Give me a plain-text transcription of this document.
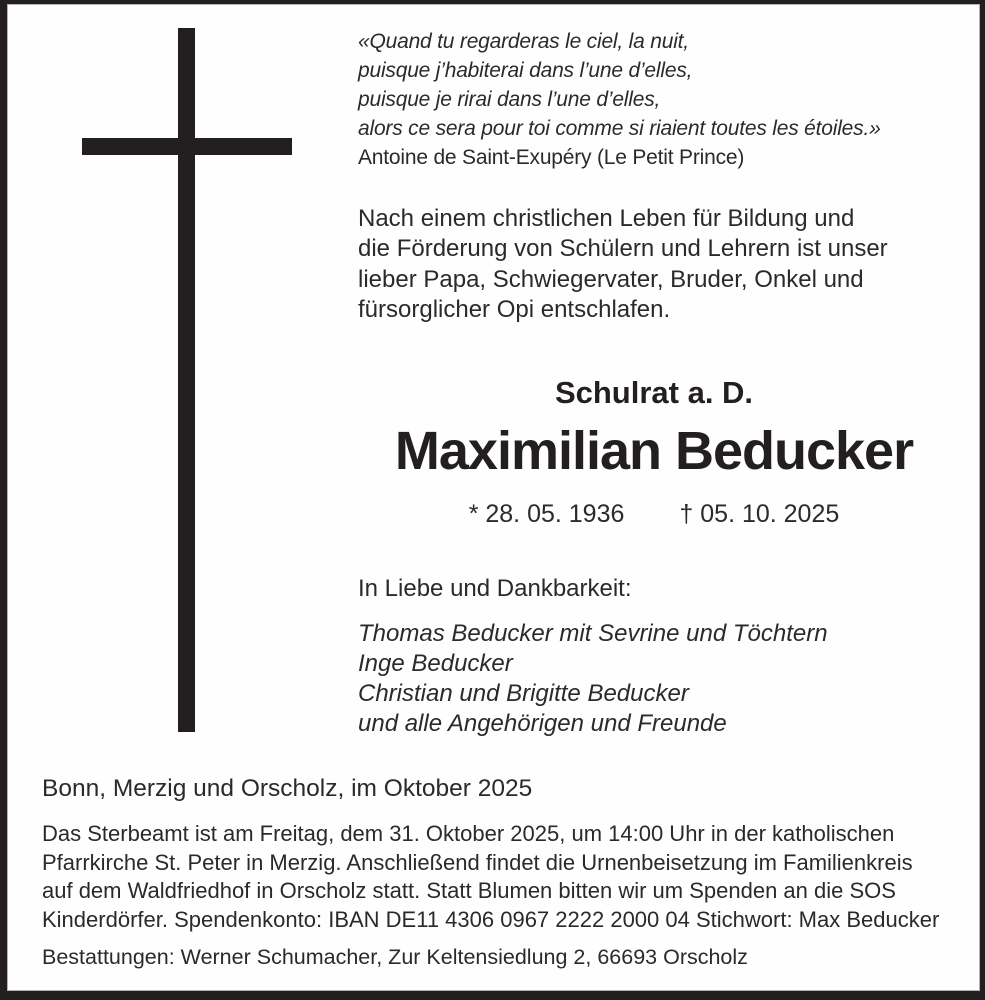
«Quand tu regarderas le ciel, la nuit,
puisque j’habiterai dans l’une d’elles,
puisque je rirai dans l’une d’elles,
alors ce sera pour toi comme si riaient toutes les étoiles.»
Antoine de Saint-Exupéry (Le Petit Prince)
Nach einem christlichen Leben für Bildung und
die Förderung von Schülern und Lehrern ist unser
lieber Papa, Schwiegervater, Bruder, Onkel und
fürsorglicher Opi entschlafen.
Schulrat a. D.
Maximilian Beducker
* 28. 05. 1936 † 05. 10. 2025
In Liebe und Dankbarkeit:
Thomas Beducker mit Sevrine und Töchtern
Inge Beducker
Christian und Brigitte Beducker
und alle Angehörigen und Freunde
Bonn, Merzig und Orscholz, im Oktober 2025
Das Sterbeamt ist am Freitag, dem 31. Oktober 2025, um 14:00 Uhr in der katholischen
Pfarrkirche St. Peter in Merzig. Anschließend findet die Urnenbeisetzung im Familienkreis
auf dem Waldfriedhof in Orscholz statt. Statt Blumen bitten wir um Spenden an die SOS
Kinderdörfer. Spendenkonto: IBAN DE11 4306 0967 2222 2000 04 Stichwort: Max Beducker
Bestattungen: Werner Schumacher, Zur Keltensiedlung 2, 66693 Orscholz
